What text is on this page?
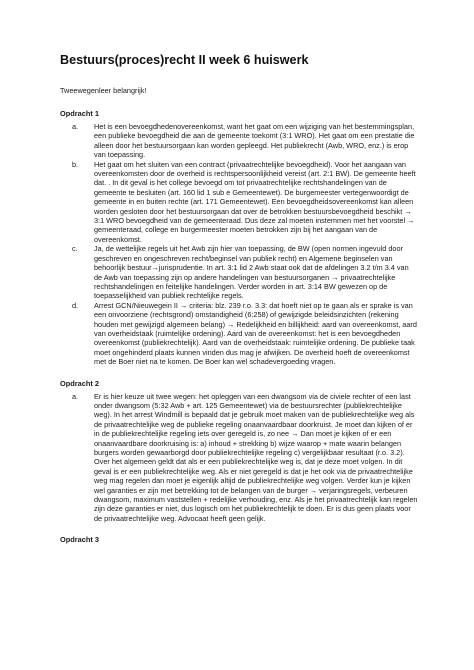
Bestuurs(proces)recht II week 6 huiswerk
Tweewegenleer belangrijk!
Opdracht 1
a. Het is een bevoegdhedenovereenkomst, want het gaat om een wijziging van het bestemmingsplan, een publieke bevoegdheid die aan de gemeente toekomt (3:1 WRO). Het gaat om een prestatie die alleen door het bestuursorgaan kan worden gepleegd. Het publiekrecht (Awb, WRO, enz.) is erop van toepassing.
b. Het gaat om het sluiten van een contract (privaatrechtelijke bevoegdheid). Voor het aangaan van overeenkomsten door de overheid is rechtspersoonlijkheid vereist (art. 2:1 BW). De gemeente heeft dat. . In dit geval is het college bevoegd om tot privaatrechtelijke rechtshandelingen van de gemeente te besluiten (art. 160 lid 1 sub e Gemeentewet). De burgemeester vertegenwoordigt de gemeente in en buiten rechte (art. 171 Gemeentewet). Een bevoegdheidsovereenkomst kan alleen worden gesloten door het bestuursorgaan dat over de betrokken bestuursbevoegdheid beschikt → 3:1 WRO bevoegdheid van de gemeenteraad. Dus deze zal moeten instemmen met het voorstel → gemeenteraad, college en burgermeester moeten betrokken zijn bij het aangaan van de overeenkomst.
c. Ja, de wettelijke regels uit het Awb zijn hier van toepassing, de BW (open normen ingevuld door geschreven en ongeschreven recht/beginsel van publiek recht) en Algemene beginselen van behoorlijk bestuur→jurisprudentie. In art. 3:1 lid 2 Awb staat ook dat de afdelingen 3.2 t/m 3.4 van de Awb van toepassing zijn op andere handelingen van bestuursorganen → privaatrechtelijke rechtshandelingen en feitelijke handelingen. Verder worden in art. 3:14 BW gewezen op de toepasselijkheid van publiek rechtelijke regels.
d. Arrest GCN/Nieuwegein II → criteria: blz. 239 r.o. 3.3: dat hoeft niet op te gaan als er sprake is van een onvoorziene (rechtsgrond) omstandigheid (6:258) of gewijzigde beleidsinzichten (rekening houden met gewijzigd algemeen belang) → Redelijkheid en billijkheid: aard van overeenkomst, aard van overheidstaak (ruimtelijke ordening). Aard van de overeenkomst: het is een bevoegdheden overeenkomst (publiekrechtelijk). Aard van de overheidstaak: ruimtelijke ordening. De publieke taak moet ongehinderd plaats kunnen vinden dus mag je afwijken. De overheid hoeft de overeenkomst met de Boer niet na te komen. De Boer kan wel schadevergoeding vragen.
Opdracht 2
a. Er is hier keuze uit twee wegen: het opleggen van een dwangsom via de civiele rechter of een last onder dwangsom (5:32 Awb + art. 125 Gemeentewet) via de bestuursrechter (publiekrechtelijke weg). In het arrest Windmill is bepaald dat je gebruik moet maken van de publiekrechtelijke weg als de privaatrechtelijke weg de publieke regeling onaanvaardbaar doorkruist. Je moet dan kijken of er in de publiekrechtelijke regeling iets over geregeld is, zo nee → Dan moet je kijken of er een onaanvaardbare doorkruising is: a) inhoud + strekking b) wijze waarop + mate waarin belangen burgers worden gewaarborgd door publiekrechtelijke regeling c) vergelijkbaar resultaat (r.o. 3.2). Over het algemeen geldt dat als er een publiekrechtelijke weg is, dat je deze moet volgen. In dit geval is er een publiekrechtelijke weg. Als er niet geregeld is dat je het ook via de privaatrechtelijke weg mag regelen dan moet je eigenlijk altijd de publiekrechtelijke weg volgen. Verder kun je kijken wel garanties er zijn met betrekking tot de belangen van de burger → verjaringsregels, verbeuren dwangsom, maximum vaststellen + redelijke verhouding, enz. Als je het privaatrechtelijk kan regelen zijn deze garanties er niet, dus logisch om het publiekrechtelijk te doen. Er is dus geen plaats voor de privaatrechtelijke weg. Advocaat heeft geen gelijk.
Opdracht 3
